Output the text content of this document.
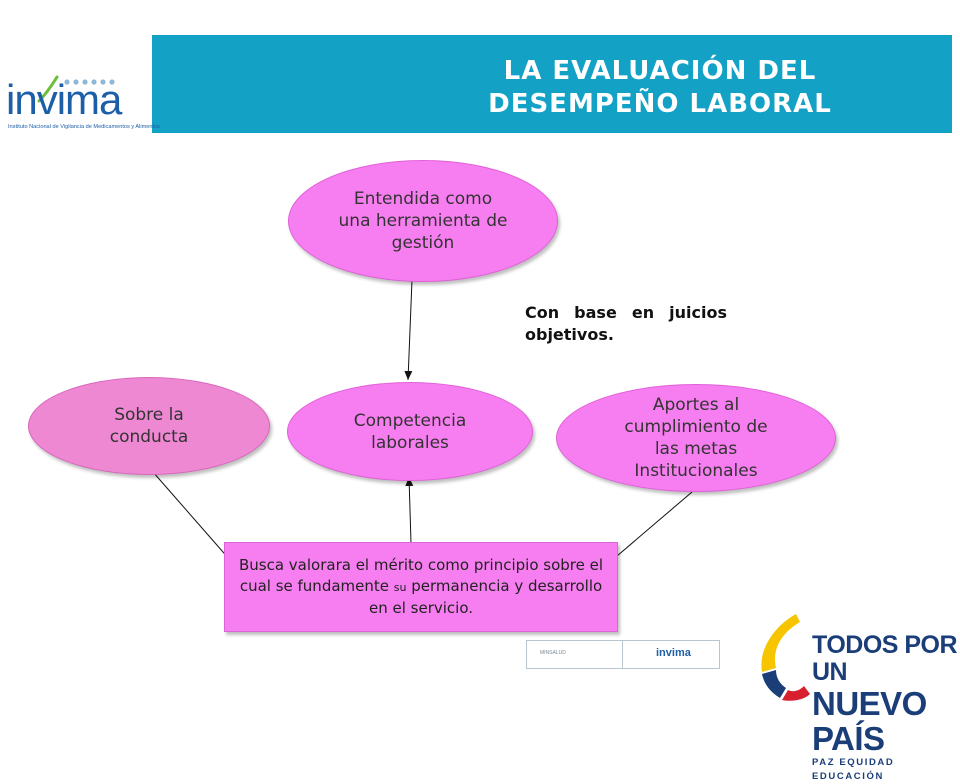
LA EVALUACIÓN DEL
DESEMPEÑO LABORAL
invima
Instituto Nacional de Vigilancia de Medicamentos y Alimentos
Entendida como una herramienta de gestión
Competencia laborales
Sobre la conducta
Aportes al cumplimiento de las metas Institucionales
Busca valorara el mérito como principio sobre el cual se fundamente su permanencia y desarrollo en el servicio.
Con base en juicios objetivos.
MINSALUD	invima	TODOS POR UN
NUEVO PAÍS
PAZ EQUIDAD EDUCACIÓN
